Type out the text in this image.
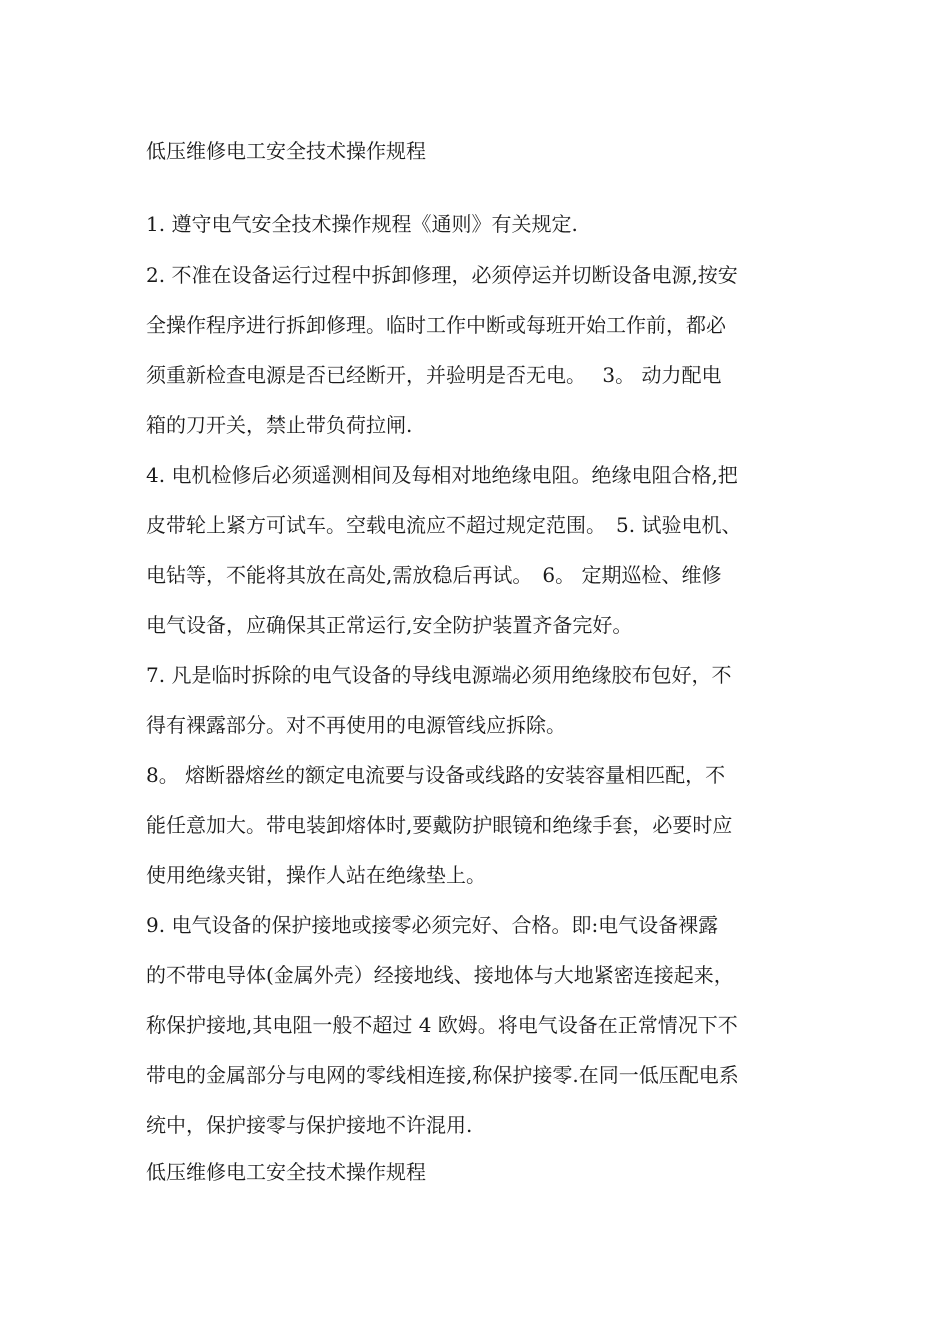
低压维修电工安全技术操作规程
1. 遵守电气安全技术操作规程《通则》有关规定.
2. 不准在设备运行过程中拆卸修理，必须停运并切断设备电源,按安
全操作程序进行拆卸修理。临时工作中断或每班开始工作前，都必
须重新检查电源是否已经断开，并验明是否无电。　 3。 动力配电
箱的刀开关，禁止带负荷拉闸.
4. 电机检修后必须遥测相间及每相对地绝缘电阻。绝缘电阻合格,把
皮带轮上紧方可试车。空载电流应不超过规定范围。　5. 试验电机、
电钻等，不能将其放在高处,需放稳后再试。　6。 定期巡检、维修
电气设备，应确保其正常运行,安全防护装置齐备完好。
7. 凡是临时拆除的电气设备的导线电源端必须用绝缘胶布包好，不
得有裸露部分。对不再使用的电源管线应拆除。
8。 熔断器熔丝的额定电流要与设备或线路的安装容量相匹配，不
能任意加大。带电装卸熔体时,要戴防护眼镜和绝缘手套，必要时应
使用绝缘夹钳，操作人站在绝缘垫上。
9. 电气设备的保护接地或接零必须完好、合格。即:电气设备裸露
的不带电导体(金属外壳）经接地线、接地体与大地紧密连接起来，
称保护接地,其电阻一般不超过 4 欧姆。将电气设备在正常情况下不
带电的金属部分与电网的零线相连接,称保护接零.在同一低压配电系
统中，保护接零与保护接地不许混用.
低压维修电工安全技术操作规程
